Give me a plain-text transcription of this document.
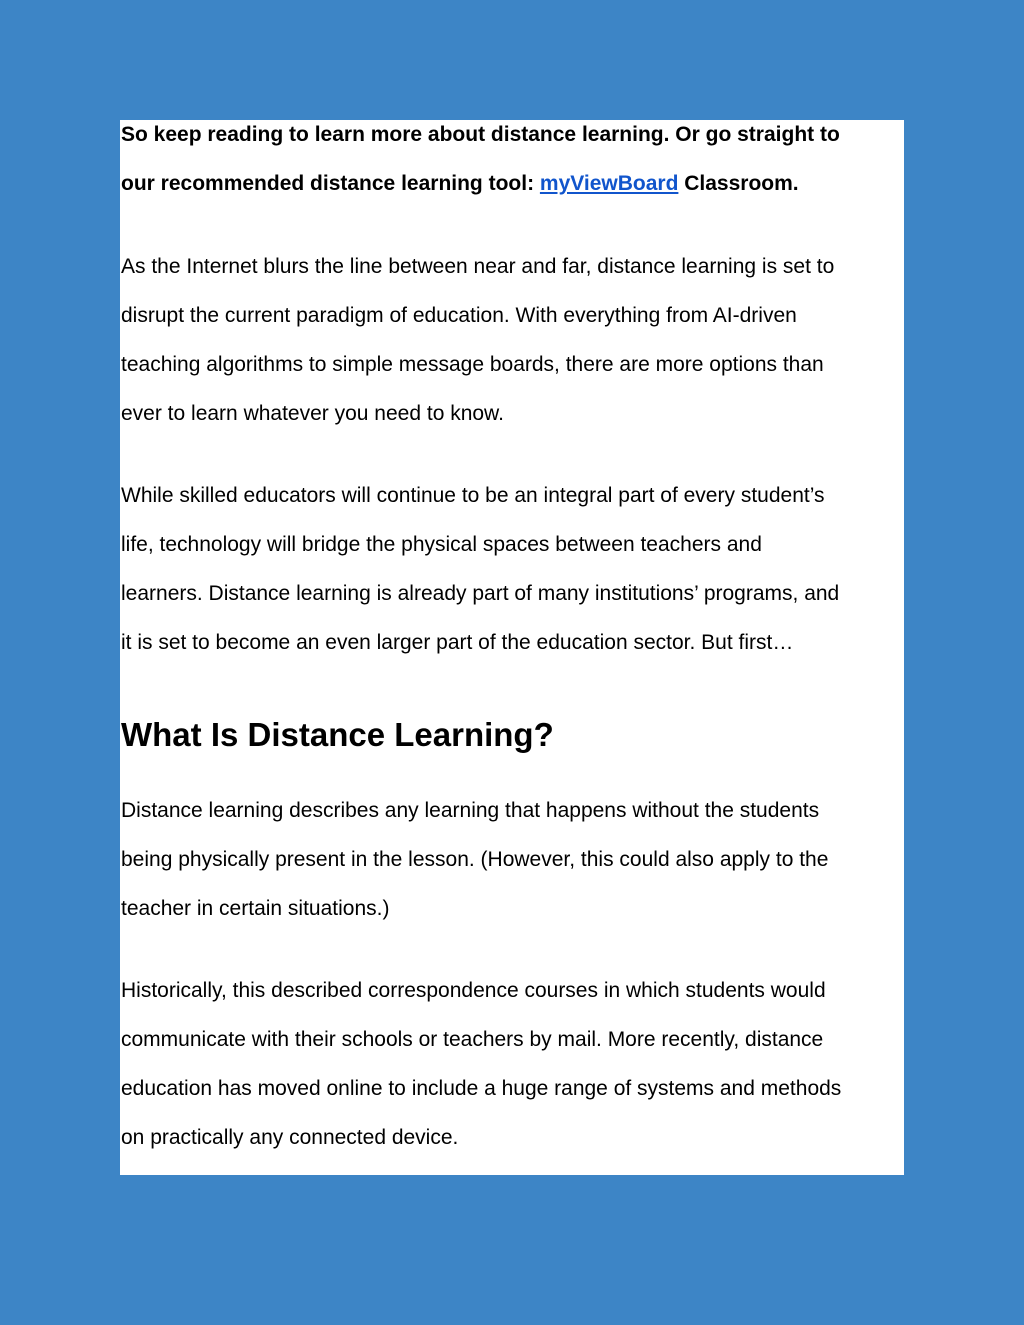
So keep reading to learn more about distance learning. Or go straight to
our recommended distance learning tool: myViewBoard Classroom.

As the Internet blurs the line between near and far, distance learning is set to
disrupt the current paradigm of education. With everything from AI-driven
teaching algorithms to simple message boards, there are more options than
ever to learn whatever you need to know.

While skilled educators will continue to be an integral part of every student’s
life, technology will bridge the physical spaces between teachers and
learners. Distance learning is already part of many institutions’ programs, and
it is set to become an even larger part of the education sector. But first…

What Is Distance Learning?

Distance learning describes any learning that happens without the students
being physically present in the lesson. (However, this could also apply to the
teacher in certain situations.)

Historically, this described correspondence courses in which students would
communicate with their schools or teachers by mail. More recently, distance
education has moved online to include a huge range of systems and methods
on practically any connected device.
